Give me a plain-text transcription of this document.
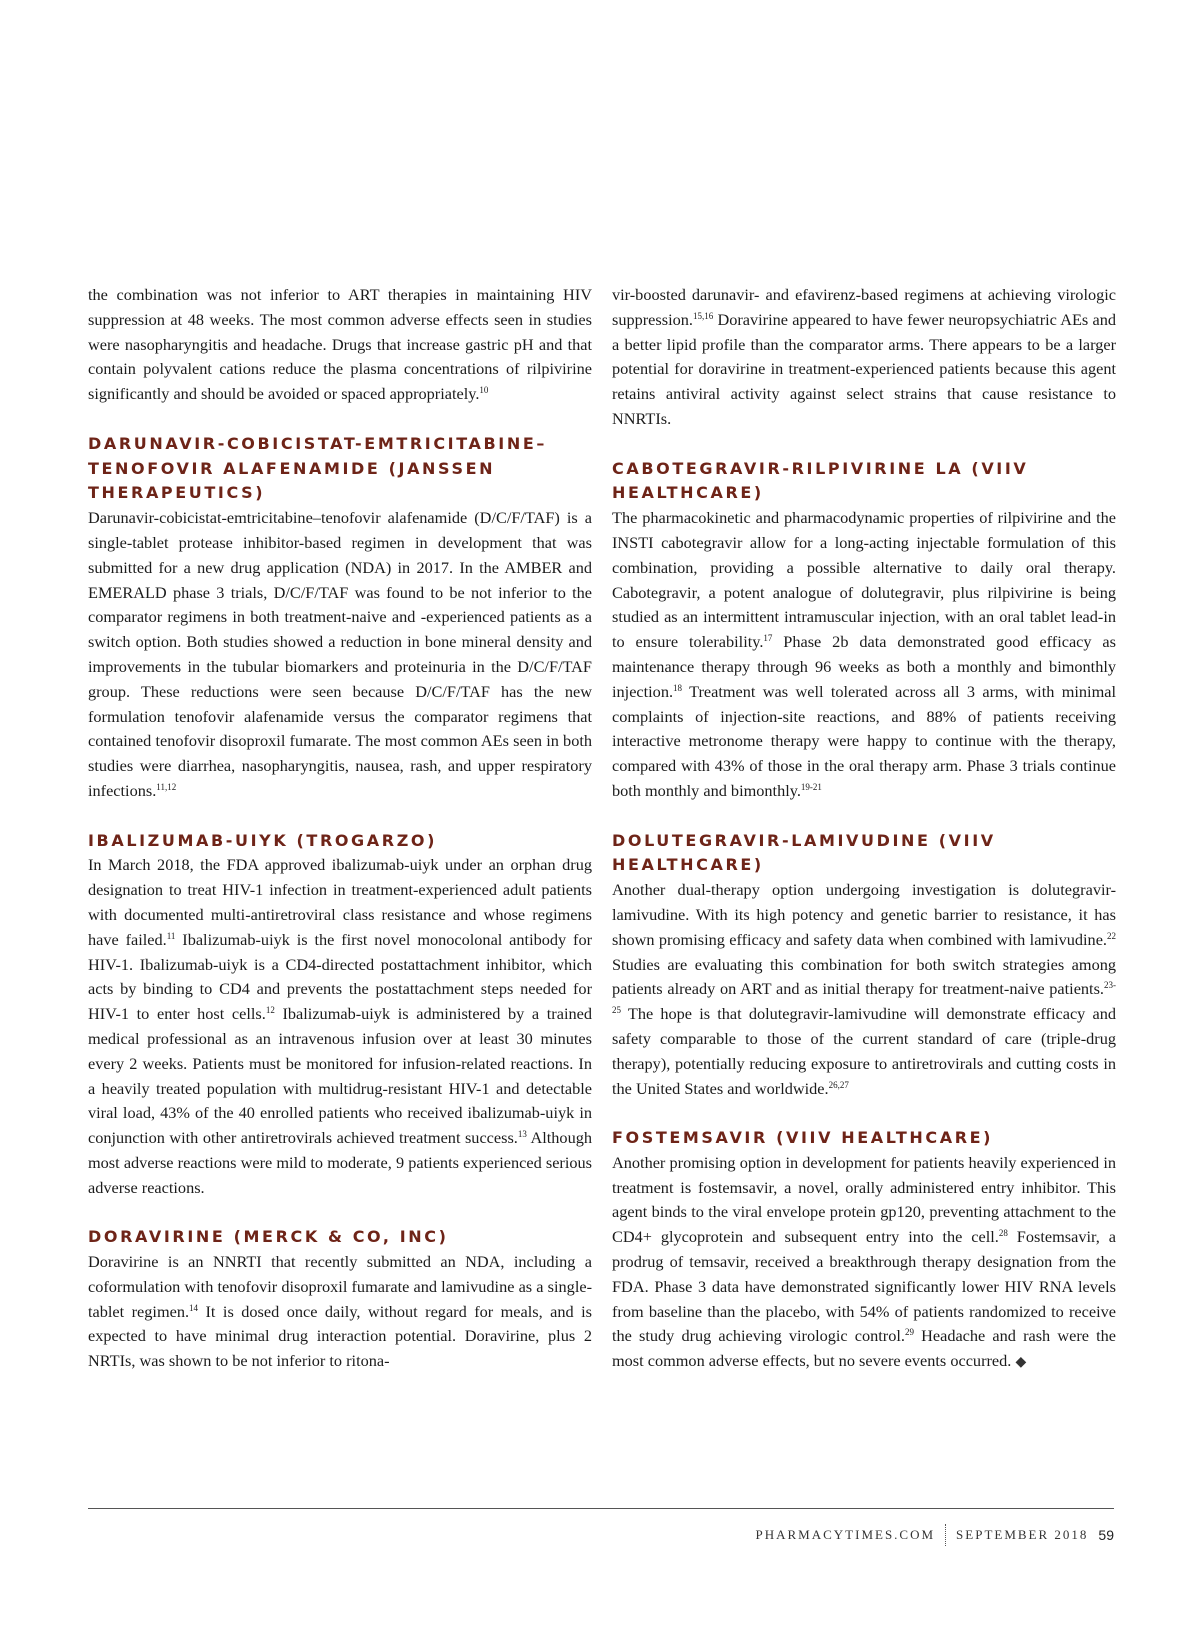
the combination was not inferior to ART therapies in maintaining HIV suppression at 48 weeks. The most common adverse effects seen in studies were nasopharyngitis and headache. Drugs that increase gastric pH and that contain polyvalent cations reduce the plasma concentrations of rilpivirine significantly and should be avoided or spaced appropriately.$^{10}$

DARUNAVIR-COBICISTAT-EMTRICITABINE–TENOFOVIR ALAFENAMIDE (JANSSEN THERAPEUTICS)

Darunavir-cobicistat-emtricitabine–tenofovir alafenamide (D/C/F/TAF) is a single-tablet protease inhibitor-based regimen in development that was submitted for a new drug application (NDA) in 2017. In the AMBER and EMERALD phase 3 trials, D/C/F/TAF was found to be not inferior to the comparator regimens in both treatment-naive and -experienced patients as a switch option. Both studies showed a reduction in bone mineral density and improvements in the tubular biomarkers and proteinuria in the D/C/F/TAF group. These reductions were seen because D/C/F/TAF has the new formulation tenofovir alafenamide versus the comparator regimens that contained tenofovir disoproxil fumarate. The most common AEs seen in both studies were diarrhea, nasopharyngitis, nausea, rash, and upper respiratory infections.$^{11,12}$

IBALIZUMAB-UIYK (TROGARZO)

In March 2018, the FDA approved ibalizumab-uiyk under an orphan drug designation to treat HIV-1 infection in treatment-experienced adult patients with documented multi-antiretroviral class resistance and whose regimens have failed.$^{11}$ Ibalizumab-uiyk is the first novel monocolonal antibody for HIV-1. Ibalizumab-uiyk is a CD4-directed postattachment inhibitor, which acts by binding to CD4 and prevents the postattachment steps needed for HIV-1 to enter host cells.$^{12}$ Ibalizumab-uiyk is administered by a trained medical professional as an intravenous infusion over at least 30 minutes every 2 weeks. Patients must be monitored for infusion-related reactions. In a heavily treated population with multidrug-resistant HIV-1 and detectable viral load, 43% of the 40 enrolled patients who received ibalizumab-uiyk in conjunction with other antiretrovirals achieved treatment success.$^{13}$ Although most adverse reactions were mild to moderate, 9 patients experienced serious adverse reactions.

DORAVIRINE (MERCK & CO, INC)

Doravirine is an NNRTI that recently submitted an NDA, including a coformulation with tenofovir disoproxil fumarate and lamivudine as a single-tablet regimen.$^{14}$ It is dosed once daily, without regard for meals, and is expected to have minimal drug interaction potential. Doravirine, plus 2 NRTIs, was shown to be not inferior to ritona-

vir-boosted darunavir- and efavirenz-based regimens at achieving virologic suppression.$^{15,16}$ Doravirine appeared to have fewer neuropsychiatric AEs and a better lipid profile than the comparator arms. There appears to be a larger potential for doravirine in treatment-experienced patients because this agent retains antiviral activity against select strains that cause resistance to NNRTIs.

CABOTEGRAVIR-RILPIVIRINE LA (VIIV HEALTHCARE)

The pharmacokinetic and pharmacodynamic properties of rilpivirine and the INSTI cabotegravir allow for a long-acting injectable formulation of this combination, providing a possible alternative to daily oral therapy. Cabotegravir, a potent analogue of dolutegravir, plus rilpivirine is being studied as an intermittent intramuscular injection, with an oral tablet lead-in to ensure tolerability.$^{17}$ Phase 2b data demonstrated good efficacy as maintenance therapy through 96 weeks as both a monthly and bimonthly injection.$^{18}$ Treatment was well tolerated across all 3 arms, with minimal complaints of injection-site reactions, and 88% of patients receiving interactive metronome therapy were happy to continue with the therapy, compared with 43% of those in the oral therapy arm. Phase 3 trials continue both monthly and bimonthly.$^{19-21}$

DOLUTEGRAVIR-LAMIVUDINE (VIIV HEALTHCARE)

Another dual-therapy option undergoing investigation is dolutegravir-lamivudine. With its high potency and genetic barrier to resistance, it has shown promising efficacy and safety data when combined with lamivudine.$^{22}$ Studies are evaluating this combination for both switch strategies among patients already on ART and as initial therapy for treatment-naive patients.$^{23-25}$ The hope is that dolutegravir-lamivudine will demonstrate efficacy and safety comparable to those of the current standard of care (triple-drug therapy), potentially reducing exposure to antiretrovirals and cutting costs in the United States and worldwide.$^{26,27}$

FOSTEMSAVIR (VIIV HEALTHCARE)

Another promising option in development for patients heavily experienced in treatment is fostemsavir, a novel, orally administered entry inhibitor. This agent binds to the viral envelope protein gp120, preventing attachment to the CD4+ glycoprotein and subsequent entry into the cell.$^{28}$ Fostemsavir, a prodrug of temsavir, received a breakthrough therapy designation from the FDA. Phase 3 data have demonstrated significantly lower HIV RNA levels from baseline than the placebo, with 54% of patients randomized to receive the study drug achieving virologic control.$^{29}$ Headache and rash were the most common adverse effects, but no severe events occurred. ◆

PHARMACYTIMES.COM SEPTEMBER 2018 59
